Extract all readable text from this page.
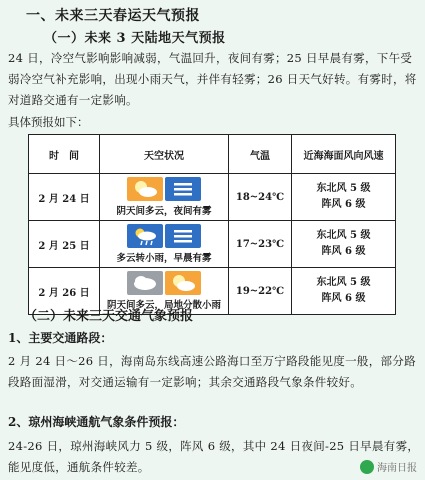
一、未来三天春运天气预报
（一）未来 3 天陆地天气预报
24 日，冷空气影响影响减弱，气温回升，夜间有雾；25 日早晨有雾，下午受弱冷空气补充影响，出现小雨天气，并伴有轻雾；26 日天气好转。有雾时，将对道路交通有一定影响。
具体预报如下：
时　间	天空状况	气温	近海海面风向风速
2 月 24 日	阴天间多云，夜间有雾	18~24℃	东北风 5 级
阵风 6 级

2 月 25 日	多云转小雨，早晨有雾	17~23℃	东北风 5 级
阵风 6 级

2 月 26 日	阴天间多云，局地分散小雨	19~22℃	东北风 5 级
阵风 6 级
（二）未来三天交通气象预报
1、主要交通路段：
2 月 24 日～26 日，海南岛东线高速公路海口至万宁路段能见度一般，部分路段路面湿滑，对交通运输有一定影响；其余交通路段气象条件较好。
2、琼州海峡通航气象条件预报：
24-26 日，琼州海峡风力 5 级，阵风 6 级，其中 24 日夜间-25 日早晨有雾，能见度低，通航条件较差。	海南日报
